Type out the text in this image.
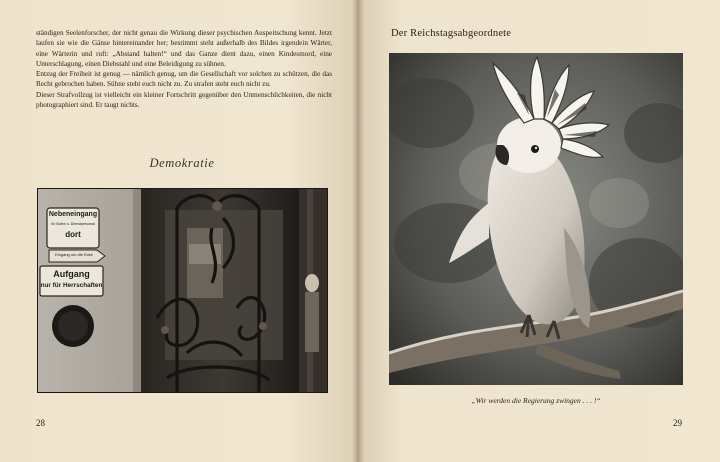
ständigen Seelenforscher, der nicht genau die Wirkung dieser psychischen Auspeitschung kennt. Jetzt laufen sie wie die Gänse hintereinander her; bestimmt steht außerhalb des Bildes irgendein Wärter, eine Wärterin und ruft: „Abstand halten!“ und das Ganze dient dazu, einen Kindesmord, eine Unterschlagung, einen Diebstahl und eine Beleidigung zu sühnen.

Entzug der Freiheit ist genug — nämlich genug, um die Gesellschaft vor solchen zu schützen, die das Recht gebrochen haben. Sühne steht euch nicht zu. Zu strafen steht euch nicht zu.

Dieser Strafvollzug ist vielleicht ein kleiner Fortschritt gegenüber den Unmenschlichkeiten, die nicht photographiert sind. Er taugt nichts.

Demokratie
Nebeneingang
für Boten u. Dienstpersonal
dort
Eingang um die Ecke
Aufgang
nur für Herrschaften
28
Der Reichstagsabgeordnete
„Wir werden die Regierung zwingen . . . !“
29
